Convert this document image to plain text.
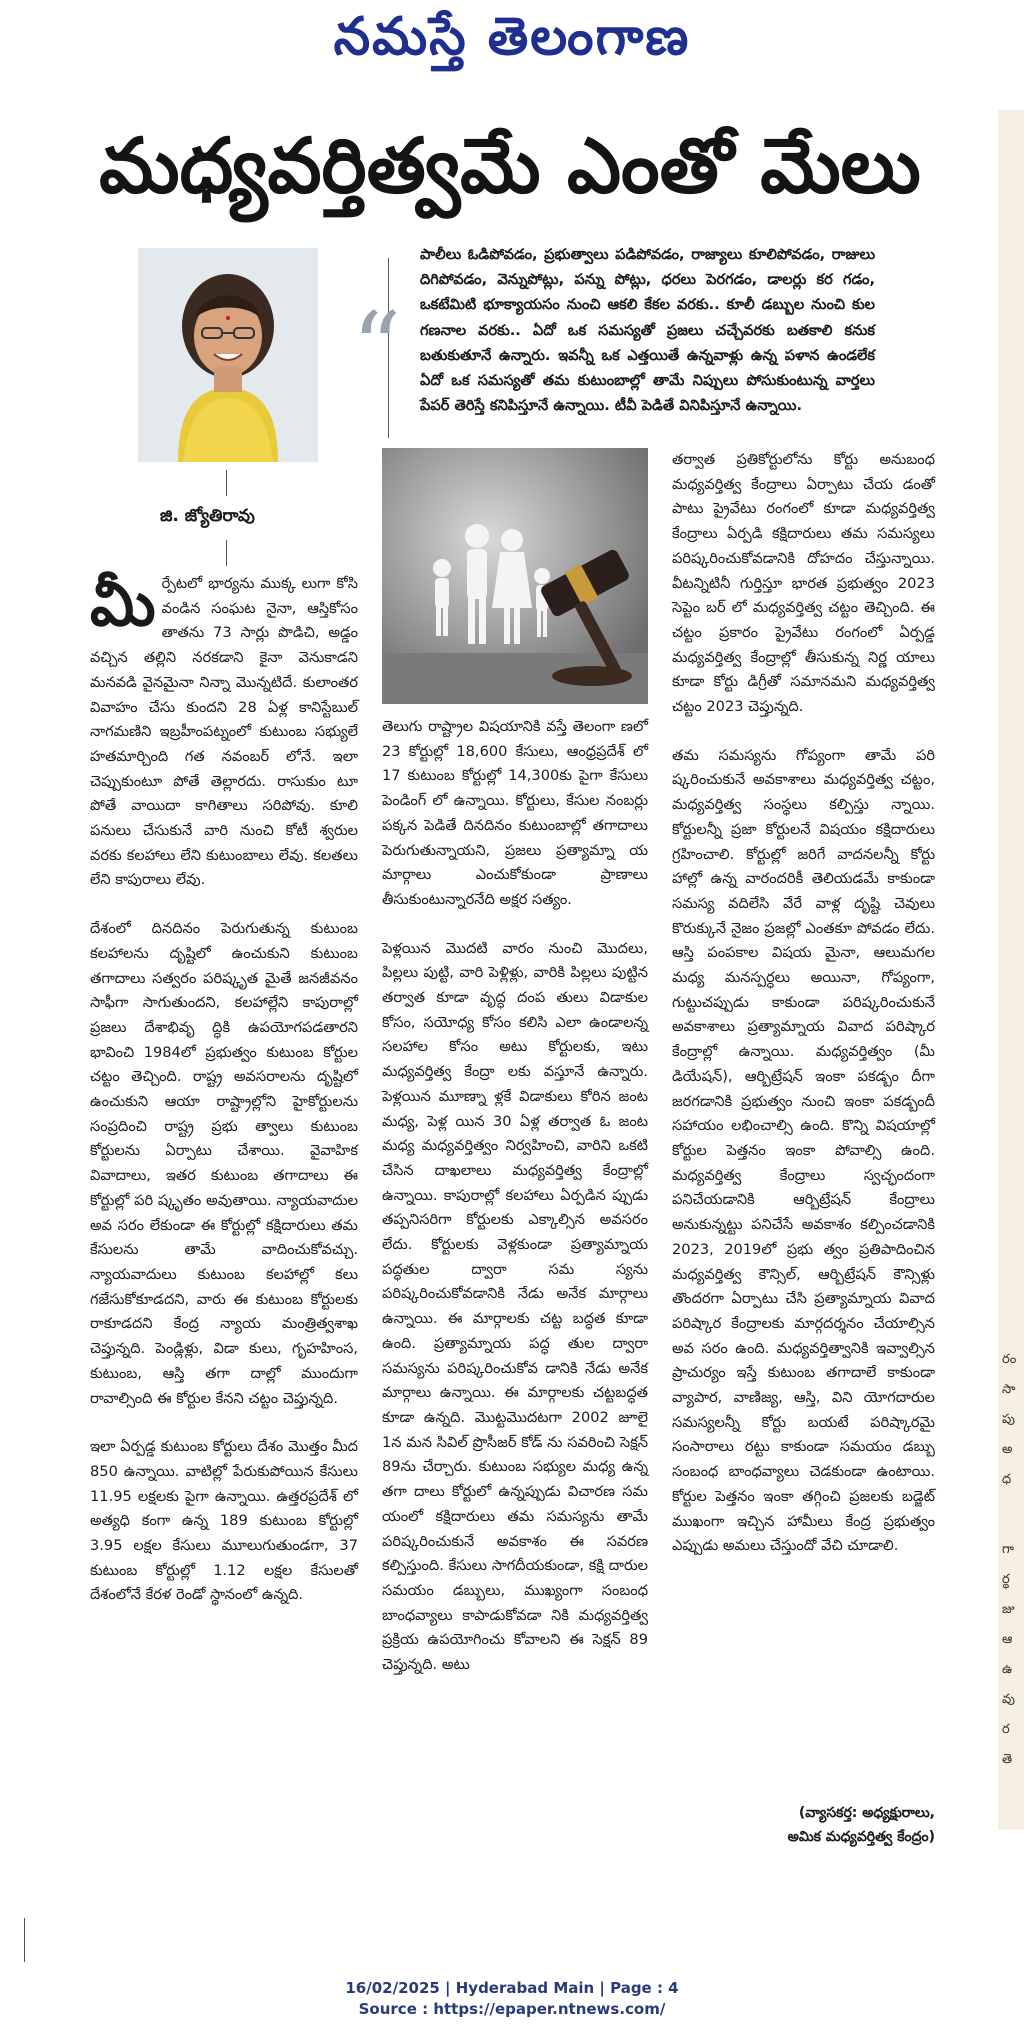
నమస్తే తెలంగాణ
మధ్యవర్తిత్వమే ఎంతో మేలు
జి. జ్యోతిరావు
“
పాలీలు ఓడిపోవడం, ప్రభుత్వాలు పడిపోవడం, రాజ్యాలు కూలిపోవడం, రాజులు దిగిపోవడం, వెన్నుపోట్లు, పన్ను పోట్లు, ధరలు పెరగడం, డాలర్లు కర గడం, ఒకటేమిటి భూక్యాయసం నుంచి ఆకలి కేకల వరకు.. కూలీ డబ్బుల నుంచి కుల గణనాల వరకు.. ఏదో ఒక సమస్యతో ప్రజలు చచ్చేవరకు బతకాలి కనుక బతుకుతూనే ఉన్నారు. ఇవన్నీ ఒక ఎత్తయితే ఉన్నవాళ్లు ఉన్న పళాన ఉండలేక ఏదో ఒక సమస్యతో తమ కుటుంబాల్లో తామే నిప్పులు పోసుకుంటున్న వార్తలు పేపర్ తెరిస్తే కనిపిస్తూనే ఉన్నాయి. టీవీ పెడితే వినిపిస్తూనే ఉన్నాయి.

మీర్పేటలో భార్యను ముక్క లుగా కోసి వండిన సంఘట నైనా, ఆస్తికోసం తాతను 73 సార్లు పొడిచి, అడ్డం వచ్చిన తల్లిని నరకడాని కైనా వెనుకాడని మనవడి వైనమైనా నిన్నా మొన్నటిదే. కులాంతర వివాహం చేసు కుందని 28 ఏళ్ల కానిస్టేబుల్ నాగమణిని ఇబ్రహీంపట్నంలో కుటుంబ సభ్యులే హతమార్చింది గత నవంబర్ లోనే. ఇలా చెప్పుకుంటూ పోతే తెల్లారదు. రాసుకుం టూ పోతే వాయిదా కాగితాలు సరిపోవు. కూలి పనులు చేసుకునే వారి నుంచి కోటీ శ్వరుల వరకు కలహాలు లేని కుటుంబాలు లేవు. కలతలు లేని కాపురాలు లేవు.

దేశంలో దినదినం పెరుగుతున్న కుటుంబ కలహాలను దృష్టిలో ఉంచుకుని కుటుంబ తగాదాలు సత్వరం పరిష్కృత మైతే జనజీవనం సాఫీగా సాగుతుందని, కలహాల్లేని కాపురాల్లో ప్రజలు దేశాభివృ ద్ధికి ఉపయోగపడతారని భావించి 1984లో ప్రభుత్వం కుటుంబ కోర్టుల చట్టం తెచ్చింది. రాష్ట్ర అవసరాలను దృష్టిలో ఉంచుకుని ఆయా రాష్ట్రాల్లోని హైకోర్టులను సంప్రదించి రాష్ట్ర ప్రభు త్వాలు కుటుంబ కోర్టులను ఏర్పాటు చేశాయి. వైవాహిక వివాదాలు, ఇతర కుటుంబ తగాదాలు ఈ కోర్టుల్లో పరి ష్కృతం అవుతాయి. న్యాయవాదుల అవ సరం లేకుండా ఈ కోర్టుల్లో కక్షిదారులు తమ కేసులను తామే వాదించుకోవచ్చు. న్యాయవాదులు కుటుంబ కలహాల్లో కలు గజేసుకోకూడదని, వారు ఈ కుటుంబ కోర్టులకు రాకూడదని కేంద్ర న్యాయ మంత్రిత్వశాఖ చెప్తున్నది. పెండ్లిళ్లు, విడా కులు, గృహహింస, కుటుంబ, ఆస్తి తగా దాల్లో ముందుగా రావాల్సింది ఈ కోర్టుల కేనని చట్టం చెప్తున్నది.

ఇలా ఏర్పడ్డ కుటుంబ కోర్టులు దేశం మొత్తం మీద 850 ఉన్నాయి. వాటిల్లో పేరుకుపోయిన కేసులు 11.95 లక్షలకు పైగా ఉన్నాయి. ఉత్తరప్రదేశ్ లో అత్యధి కంగా ఉన్న 189 కుటుంబ కోర్టుల్లో 3.95 లక్షల కేసులు మూలుగుతుండగా, 37 కుటుంబ కోర్టుల్లో 1.12 లక్షల కేసులతో దేశంలోనే కేరళ రెండో స్థానంలో ఉన్నది.

తెలుగు రాష్ట్రాల విషయానికి వస్తే తెలంగా ణలో 23 కోర్టుల్లో 18,600 కేసులు, ఆంధ్రప్రదేశ్ లో 17 కుటుంబ కోర్టుల్లో 14,300కు పైగా కేసులు పెండింగ్ లో ఉన్నాయి. కోర్టులు, కేసుల నంబర్లు పక్కన పెడితే దినదినం కుటుంబాల్లో తగాదాలు పెరుగుతున్నాయని, ప్రజలు ప్రత్యామ్నా య మార్గాలు ఎంచుకోకుండా ప్రాణాలు తీసుకుంటున్నారనేది అక్షర సత్యం.

పెళ్లయిన మొదటి వారం నుంచి మొదలు, పిల్లలు పుట్టి, వారి పెళ్లిళ్లు, వారికి పిల్లలు పుట్టిన తర్వాత కూడా వృద్ధ దంప తులు విడాకుల కోసం, సయోధ్య కోసం కలిసి ఎలా ఉండాలన్న సలహాల కోసం అటు కోర్టులకు, ఇటు మధ్యవర్తిత్వ కేంద్రా లకు వస్తూనే ఉన్నారు. పెళ్లయిన మూణ్నా ళ్లకే విడాకులు కోరిన జంట మధ్య, పెళ్ల యిన 30 ఏళ్ల తర్వాత ఓ జంట మధ్య మధ్యవర్తిత్వం నిర్వహించి, వారిని ఒకటి చేసిన దాఖలాలు మధ్యవర్తిత్వ కేంద్రాల్లో ఉన్నాయి. కాపురాల్లో కలహాలు ఏర్పడిన ప్పుడు తప్పనిసరిగా కోర్టులకు ఎక్కాల్సిన అవసరం లేదు. కోర్టులకు వెళ్లకుండా ప్రత్యామ్నాయ పద్ధతుల ద్వారా సమ స్యను పరిష్కరించుకోవడానికి నేడు అనేక మార్గాలు ఉన్నాయి. ఈ మార్గాలకు చట్ట బద్ధత కూడా ఉంది. ప్రత్యామ్నాయ పద్ధ తుల ద్వారా సమస్యను పరిష్కరించుకోవ డానికి నేడు అనేక మార్గాలు ఉన్నాయి. ఈ మార్గాలకు చట్టబద్ధత కూడా ఉన్నది. మొట్టమొదటగా 2002 జూలై 1న మన సివిల్ ప్రొసీజర్ కోడ్ ను సవరించి సెక్షన్ 89ను చేర్చారు. కుటుంబ సభ్యుల మధ్య ఉన్న తగా దాలు కోర్టులో ఉన్నప్పుడు విచారణ సమ యంలో కక్షిదారులు తమ సమస్యను తామే పరిష్కరించుకునే అవకాశం ఈ సవరణ కల్పిస్తుంది. కేసులు సాగదీయకుండా, కక్షి దారుల సమయం డబ్బులు, ముఖ్యంగా సంబంధ బాంధవ్యాలు కాపాడుకోవడా నికి మధ్యవర్తిత్వ ప్రక్రియ ఉపయోగించు కోవాలని ఈ సెక్షన్ 89 చెప్తున్నది. అటు

తర్వాత ప్రతికోర్టులోను కోర్టు అనుబంధ మధ్యవర్తిత్వ కేంద్రాలు ఏర్పాటు చేయ డంతో పాటు ప్రైవేటు రంగంలో కూడా మధ్యవర్తిత్వ కేంద్రాలు ఏర్పడి కక్షిదారులు తమ సమస్యలు పరిష్కరించుకోవడానికి దోహదం చేస్తున్నాయి. వీటన్నిటినీ గుర్తిస్తూ భారత ప్రభుత్వం 2023 సెప్టెం బర్ లో మధ్యవర్తిత్వ చట్టం తెచ్చింది. ఈ చట్టం ప్రకారం ప్రైవేటు రంగంలో ఏర్పడ్డ మధ్యవర్తిత్వ కేంద్రాల్లో తీసుకున్న నిర్ణ యాలు కూడా కోర్టు డిగ్రీతో సమానమని మధ్యవర్తిత్వ చట్టం 2023 చెప్తున్నది.

తమ సమస్యను గోప్యంగా తామే పరి ష్కరించుకునే అవకాశాలు మధ్యవర్తిత్వ చట్టం, మధ్యవర్తిత్వ సంస్థలు కల్పిస్తు న్నాయి. కోర్టులన్నీ ప్రజా కోర్టులనే విషయం కక్షిదారులు గ్రహించాలి. కోర్టుల్లో జరిగే వాదనలన్నీ కోర్టు హాల్లో ఉన్న వారందరికీ తెలియడమే కాకుండా సమస్య వదిలేసి వేరే వాళ్ల దృష్టి చెవులు కొరుక్కునే నైజం ప్రజల్లో ఎంతకూ పోవడం లేదు. ఆస్తి పంపకాల విషయ మైనా, ఆలుమగల మధ్య మనస్పర్ధలు అయినా, గోప్యంగా, గుట్టుచప్పుడు కాకుండా పరిష్కరించుకునే అవకాశాలు ప్రత్యామ్నాయ వివాద పరిష్కార కేంద్రాల్లో ఉన్నాయి. మధ్యవర్తిత్వం (మీ డియేషన్), ఆర్బిట్రేషన్ ఇంకా పకడ్బం దీగా జరగడానికి ప్రభుత్వం నుంచి ఇంకా పకడ్బందీ సహాయం లభించాల్సి ఉంది. కొన్ని విషయాల్లో కోర్టుల పెత్తనం ఇంకా పోవాల్సి ఉంది. మధ్యవర్తిత్వ కేంద్రాలు స్వచ్ఛందంగా పనిచేయడానికి ఆర్బిట్రేషన్ కేంద్రాలు అనుకున్నట్టు పనిచేసే అవకాశం కల్పించడానికి 2023, 2019లో ప్రభు త్వం ప్రతిపాదించిన మధ్యవర్తిత్వ కౌన్సిల్, ఆర్బిట్రేషన్ కౌన్సిళ్లు తొందరగా ఏర్పాటు చేసి ప్రత్యామ్నాయ వివాద పరిష్కార కేంద్రాలకు మార్గదర్శనం చేయాల్సిన అవ సరం ఉంది. మధ్యవర్తిత్వానికి ఇవ్వాల్సిన ప్రాచుర్యం ఇస్తే కుటుంబ తగాదాలే కాకుండా వ్యాపార, వాణిజ్య, ఆస్తి, విని యోగదారుల సమస్యలన్నీ కోర్టు బయటే పరిష్కారమై సంసారాలు రట్టు కాకుండా సమయం డబ్బు సంబంధ బాంధవ్యాలు చెడకుండా ఉంటాయి. కోర్టుల పెత్తనం ఇంకా తగ్గించి ప్రజలకు బడ్జెట్ ముఖంగా ఇచ్చిన హామీలు కేంద్ర ప్రభుత్వం ఎప్పుడు అమలు చేస్తుందో వేచి చూడాలి.

(వ్యాసకర్త: అధ్యక్షురాలు,
అమిక మధ్యవర్తిత్వ కేంద్రం)
రం
సా
పు
అ
ధ
గా
ర్థ
జు
ఆ
ఉ
వు
ర
తె
16/02/2025 | Hyderabad Main | Page : 4
Source : https://epaper.ntnews.com/
